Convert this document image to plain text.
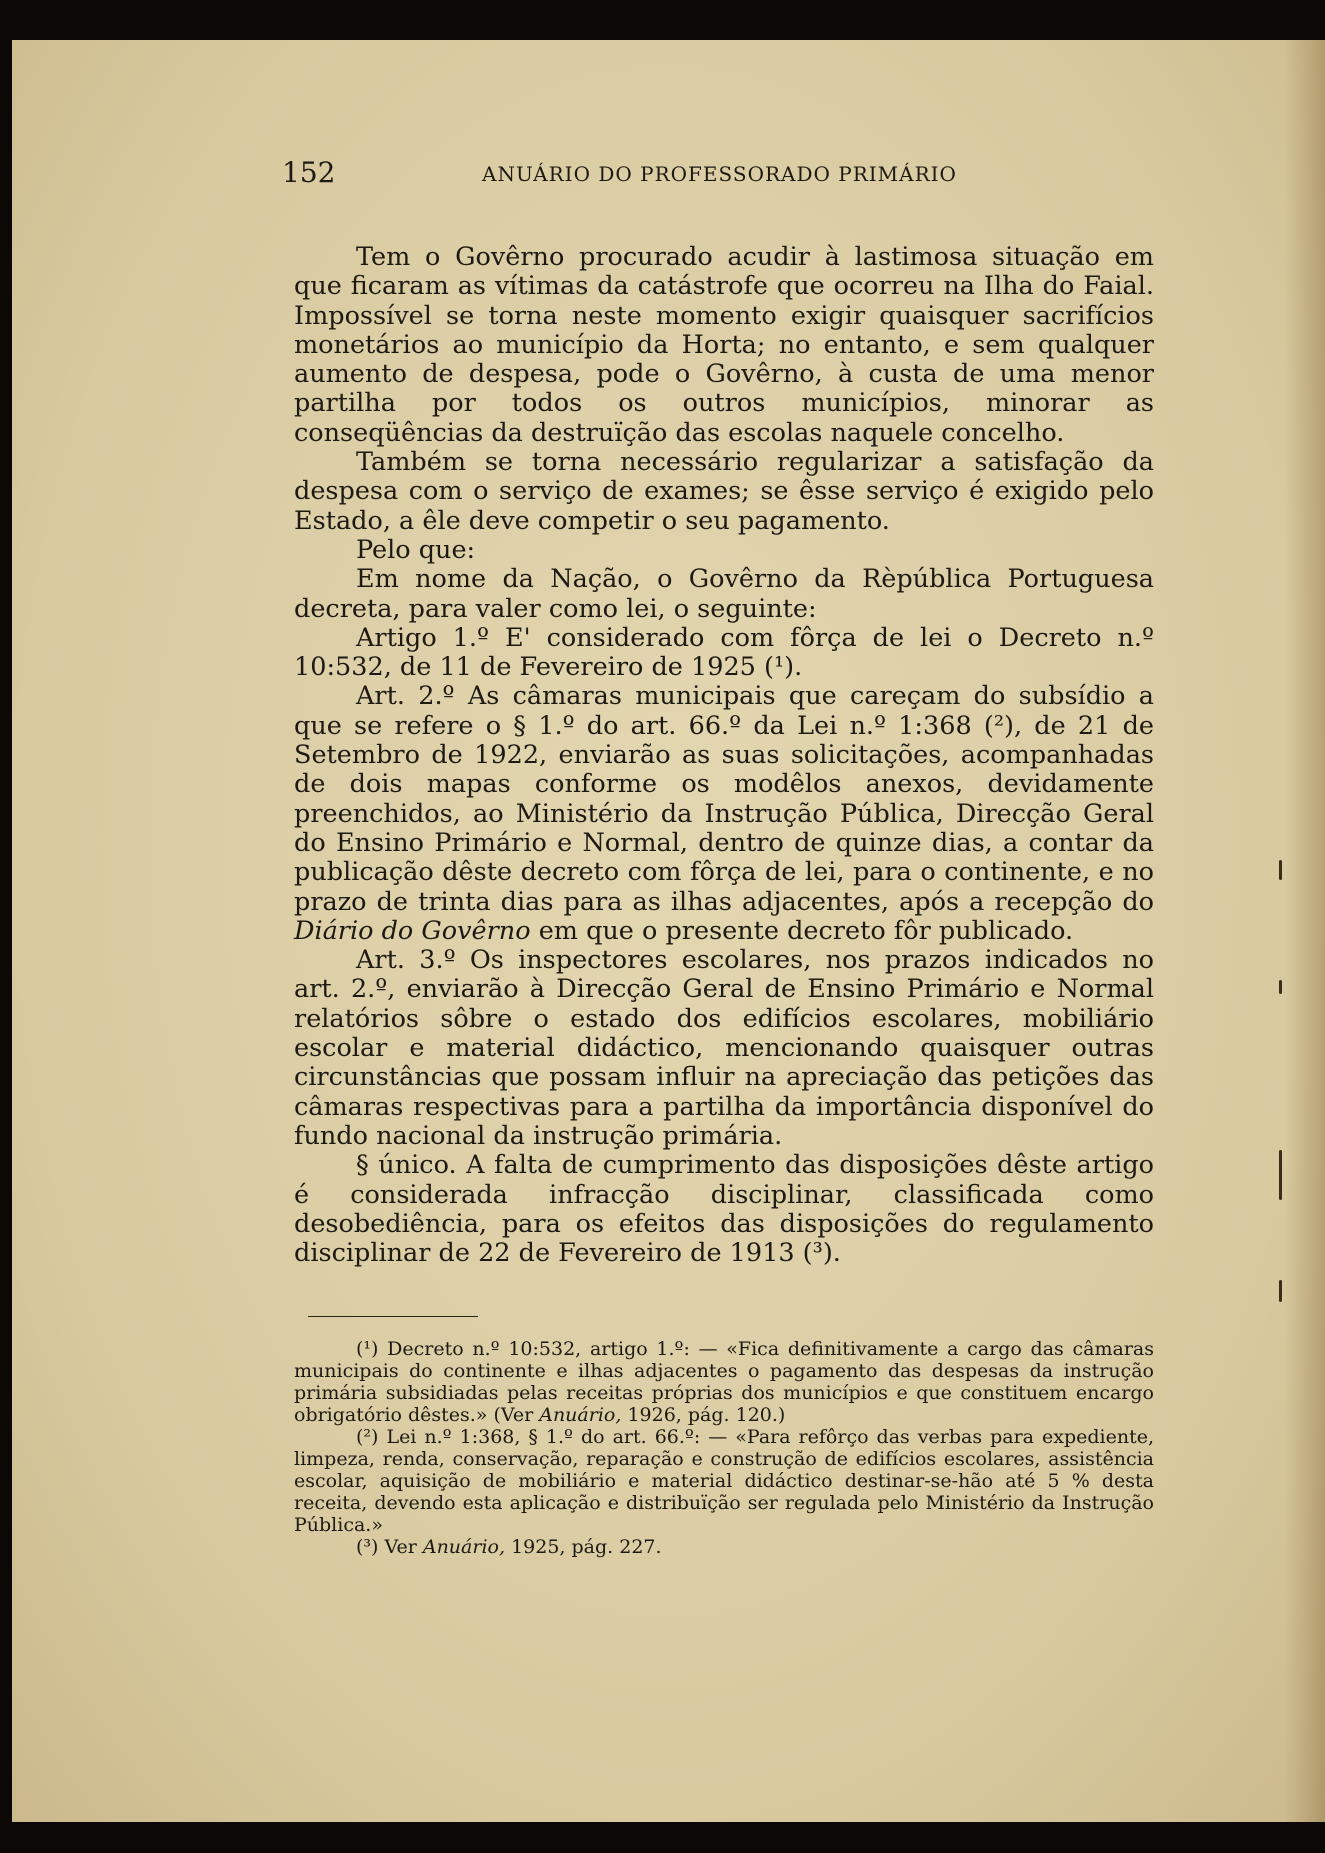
152	ANUÁRIO DO PROFESSORADO PRIMÁRIO

Tem o Govêrno procurado acudir à lastimosa situação em que ficaram as vítimas da catástrofe que ocorreu na Ilha do Faial. Impossível se torna neste momento exigir quaisquer sacrifícios monetários ao município da Horta; no entanto, e sem qualquer aumento de despesa, pode o Govêrno, à custa de uma menor partilha por todos os outros municípios, minorar as conseqüências da destruïção das escolas naquele concelho.

Também se torna necessário regularizar a satisfação da despesa com o serviço de exames; se êsse serviço é exigido pelo Estado, a êle deve competir o seu pagamento.

Pelo que:

Em nome da Nação, o Govêrno da Rèpública Portuguesa decreta, para valer como lei, o seguinte:

Artigo 1.º E' considerado com fôrça de lei o Decreto n.º 10:532, de 11 de Fevereiro de 1925 (¹).

Art. 2.º As câmaras municipais que careçam do subsídio a que se refere o § 1.º do art. 66.º da Lei n.º 1:368 (²), de 21 de Setembro de 1922, enviarão as suas solicitações, acompanhadas de dois mapas conforme os modêlos anexos, devidamente preenchidos, ao Ministério da Instrução Pública, Direcção Geral do Ensino Primário e Normal, dentro de quinze dias, a contar da publicação dêste decreto com fôrça de lei, para o continente, e no prazo de trinta dias para as ilhas adjacentes, após a recepção do Diário do Govêrno em que o presente decreto fôr publicado.

Art. 3.º Os inspectores escolares, nos prazos indicados no art. 2.º, enviarão à Direcção Geral de Ensino Primário e Normal relatórios sôbre o estado dos edifícios escolares, mobiliário escolar e material didáctico, mencionando quaisquer outras circunstâncias que possam influir na apreciação das petições das câmaras respectivas para a partilha da importância disponível do fundo nacional da instrução primária.

§ único. A falta de cumprimento das disposições dêste artigo é considerada infracção disciplinar, classificada como desobediência, para os efeitos das disposições do regulamento disciplinar de 22 de Fevereiro de 1913 (³).

(¹) Decreto n.º 10:532, artigo 1.º: — «Fica definitivamente a cargo das câmaras municipais do continente e ilhas adjacentes o pagamento das despesas da instrução primária subsidiadas pelas receitas próprias dos municípios e que constituem encargo obrigatório dêstes.» (Ver Anuário, 1926, pág. 120.)

(²) Lei n.º 1:368, § 1.º do art. 66.º: — «Para refôrço das verbas para expediente, limpeza, renda, conservação, reparação e construção de edifícios escolares, assistência escolar, aquisição de mobiliário e material didáctico destinar-se-hão até 5 % desta receita, devendo esta aplicação e distribuïção ser regulada pelo Ministério da Instrução Pública.»

(³) Ver Anuário, 1925, pág. 227.
